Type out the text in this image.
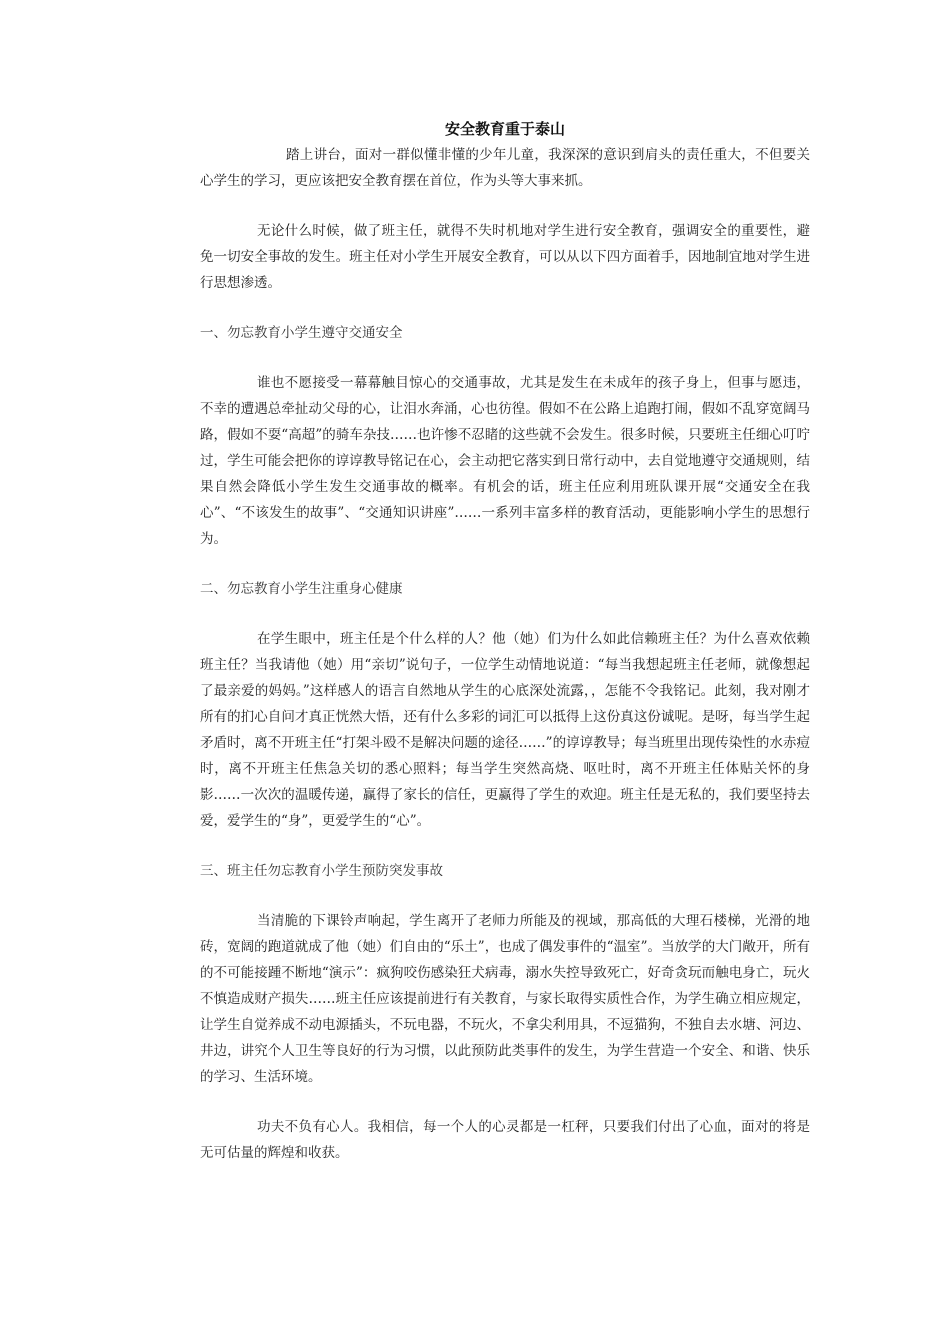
安全教育重于泰山

踏上讲台，面对一群似懂非懂的少年儿童，我深深的意识到肩头的责任重大，不但要关心学生的学习，更应该把安全教育摆在首位，作为头等大事来抓。

无论什么时候，做了班主任，就得不失时机地对学生进行安全教育，强调安全的重要性，避免一切安全事故的发生。班主任对小学生开展安全教育，可以从以下四方面着手，因地制宜地对学生进行思想渗透。

一、勿忘教育小学生遵守交通安全

谁也不愿接受一幕幕触目惊心的交通事故，尤其是发生在未成年的孩子身上，但事与愿违，不幸的遭遇总牵扯动父母的心，让泪水奔涌，心也彷徨。假如不在公路上追跑打闹，假如不乱穿宽阔马路，假如不耍“高超”的骑车杂技……也许惨不忍睹的这些就不会发生。很多时候，只要班主任细心叮咛过，学生可能会把你的谆谆教导铭记在心，会主动把它落实到日常行动中，去自觉地遵守交通规则，结果自然会降低小学生发生交通事故的概率。有机会的话，班主任应利用班队课开展“交通安全在我心”、“不该发生的故事”、“交通知识讲座”……一系列丰富多样的教育活动，更能影响小学生的思想行为。

二、勿忘教育小学生注重身心健康

在学生眼中，班主任是个什么样的人？他（她）们为什么如此信赖班主任？为什么喜欢依赖班主任？当我请他（她）用“亲切”说句子，一位学生动情地说道：“每当我想起班主任老师，就像想起了最亲爱的妈妈。”这样感人的语言自然地从学生的心底深处流露，，怎能不令我铭记。此刻，我对刚才所有的扪心自问才真正恍然大悟，还有什么多彩的词汇可以抵得上这份真这份诚呢。是呀，每当学生起矛盾时，离不开班主任“打架斗殴不是解决问题的途径……”的谆谆教导；每当班里出现传染性的水赤痘时，离不开班主任焦急关切的悉心照料；每当学生突然高烧、呕吐时，离不开班主任体贴关怀的身影……一次次的温暖传递，赢得了家长的信任，更赢得了学生的欢迎。班主任是无私的，我们要坚持去爱，爱学生的“身”，更爱学生的“心”。

三、班主任勿忘教育小学生预防突发事故

当清脆的下课铃声响起，学生离开了老师力所能及的视域，那高低的大理石楼梯，光滑的地砖，宽阔的跑道就成了他（她）们自由的“乐土”，也成了偶发事件的“温室”。当放学的大门敞开，所有的不可能接踵不断地“演示”：疯狗咬伤感染狂犬病毒，溺水失控导致死亡，好奇贪玩而触电身亡，玩火不慎造成财产损失……班主任应该提前进行有关教育，与家长取得实质性合作，为学生确立相应规定，让学生自觉养成不动电源插头，不玩电器，不玩火，不拿尖利用具，不逗猫狗，不独自去水塘、河边、井边，讲究个人卫生等良好的行为习惯，以此预防此类事件的发生，为学生营造一个安全、和谐、快乐的学习、生活环境。

功夫不负有心人。我相信，每一个人的心灵都是一杠秤，只要我们付出了心血，面对的将是无可估量的辉煌和收获。
